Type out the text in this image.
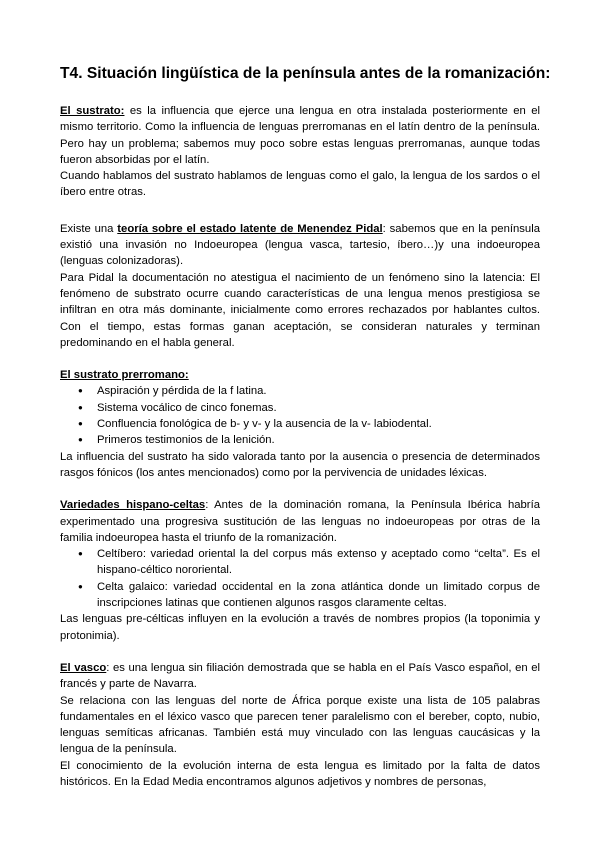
T4. Situación lingüística de la península antes de la romanización:

El sustrato: es la influencia que ejerce una lengua en otra instalada posteriormente en el mismo territorio. Como la influencia de lenguas prerromanas en el latín dentro de la península. Pero hay un problema; sabemos muy poco sobre estas lenguas prerromanas, aunque todas fueron absorbidas por el latín.

Cuando hablamos del sustrato hablamos de lenguas como el galo, la lengua de los sardos o el íbero entre otras.

Existe una teoría sobre el estado latente de Menendez Pidal: sabemos que en la península existió una invasión no Indoeuropea (lengua vasca, tartesio, íbero…)y una indoeuropea (lenguas colonizadoras).

Para Pidal la documentación no atestigua el nacimiento de un fenómeno sino la latencia: El fenómeno de substrato ocurre cuando características de una lengua menos prestigiosa se infiltran en otra más dominante, inicialmente como errores rechazados por hablantes cultos. Con el tiempo, estas formas ganan aceptación, se consideran naturales y terminan predominando en el habla general.

El sustrato prerromano:

● Aspiración y pérdida de la f latina.
● Sistema vocálico de cinco fonemas.
● Confluencia fonológica de b- y v- y la ausencia de la v- labiodental.
● Primeros testimonios de la lenición.

La influencia del sustrato ha sido valorada tanto por la ausencia o presencia de determinados rasgos fónicos (los antes mencionados) como por la pervivencia de unidades léxicas.

Variedades hispano-celtas: Antes de la dominación romana, la Península Ibérica habría experimentado una progresiva sustitución de las lenguas no indoeuropeas por otras de la familia indoeuropea hasta el triunfo de la romanización.

● Celtíbero: variedad oriental la del corpus más extenso y aceptado como “celta”. Es el hispano-céltico nororiental.
● Celta galaico: variedad occidental en la zona atlántica donde un limitado corpus de inscripciones latinas que contienen algunos rasgos claramente celtas.

Las lenguas pre-célticas influyen en la evolución a través de nombres propios (la toponimia y protonimia).

El vasco: es una lengua sin filiación demostrada que se habla en el País Vasco español, en el francés y parte de Navarra.

Se relaciona con las lenguas del norte de África porque existe una lista de 105 palabras fundamentales en el léxico vasco que parecen tener paralelismo con el bereber, copto, nubio, lenguas semíticas africanas. También está muy vinculado con las lenguas caucásicas y la lengua de la península.

El conocimiento de la evolución interna de esta lengua es limitado por la falta de datos históricos. En la Edad Media encontramos algunos adjetivos y nombres de personas,
